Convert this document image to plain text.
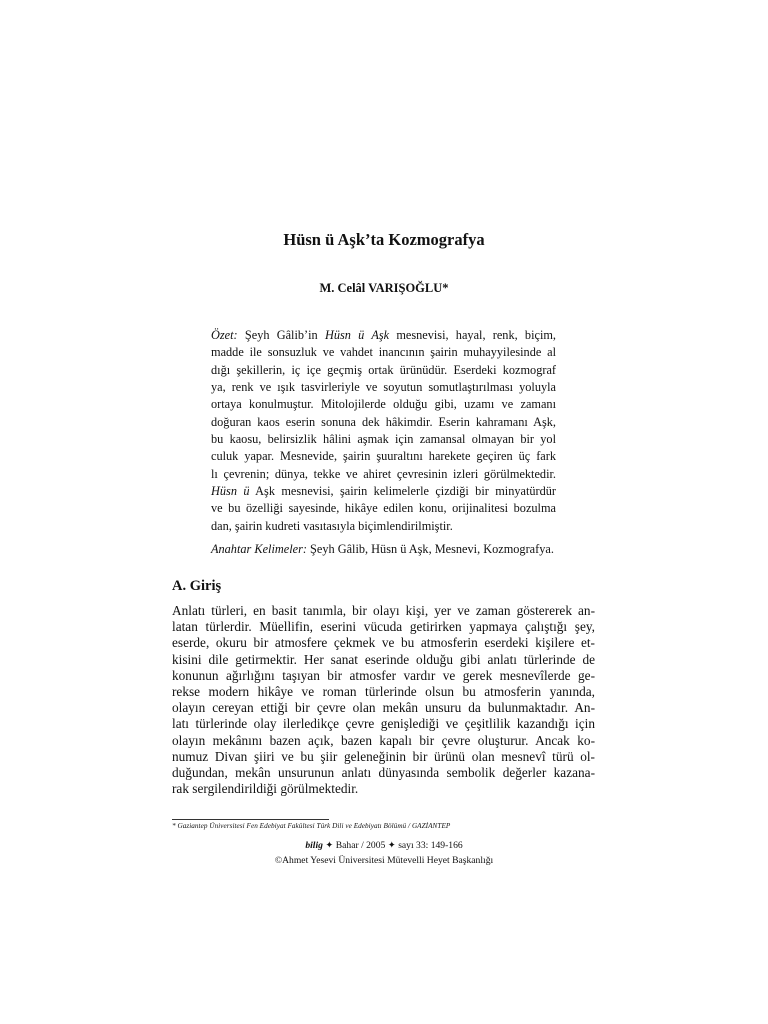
Hüsn ü Aşk’ta Kozmografya
M. Celâl VARIŞOĞLU*
Özet: Şeyh Gâlib’in Hüsn ü Aşk mesnevisi, hayal, renk, biçim,
madde ile sonsuzluk ve vahdet inancının şairin muhayyilesinde al
dığı şekillerin, iç içe geçmiş ortak ürünüdür. Eserdeki kozmograf
ya, renk ve ışık tasvirleriyle ve soyutun somutlaştırılması yoluyla
ortaya konulmuştur. Mitolojilerde olduğu gibi, uzamı ve zamanı
doğuran kaos eserin sonuna dek hâkimdir. Eserin kahramanı Aşk,
bu kaosu, belirsizlik hâlini aşmak için zamansal olmayan bir yol
culuk yapar. Mesnevide, şairin şuuraltını harekete geçiren üç fark
lı çevrenin; dünya, tekke ve ahiret çevresinin izleri görülmektedir.
Hüsn ü Aşk mesnevisi, şairin kelimelerle çizdiği bir minyatürdür
ve bu özelliği sayesinde, hikâye edilen konu, orijinalitesi bozulma
dan, şairin kudreti vasıtasıyla biçimlendirilmiştir.
Anahtar Kelimeler: Şeyh Gâlib, Hüsn ü Aşk, Mesnevi, Kozmografya.
A. Giriş
Anlatı türleri, en basit tanımla, bir olayı kişi, yer ve zaman göstererek an-
latan türlerdir. Müellifin, eserini vücuda getirirken yapmaya çalıştığı şey,
eserde, okuru bir atmosfere çekmek ve bu atmosferin eserdeki kişilere et-
kisini dile getirmektir. Her sanat eserinde olduğu gibi anlatı türlerinde de
konunun ağırlığını taşıyan bir atmosfer vardır ve gerek mesnevîlerde ge-
rekse modern hikâye ve roman türlerinde olsun bu atmosferin yanında,
olayın cereyan ettiği bir çevre olan mekân unsuru da bulunmaktadır. An-
latı türlerinde olay ilerledikçe çevre genişlediği ve çeşitlilik kazandığı için
olayın mekânını bazen açık, bazen kapalı bir çevre oluşturur. Ancak ko-
numuz Divan şiiri ve bu şiir geleneğinin bir ürünü olan mesnevî türü ol-
duğundan, mekân unsurunun anlatı dünyasında sembolik değerler kazana-
rak sergilendirildiği görülmektedir.
* Gaziantep Üniversitesi Fen Edebiyat Fakültesi Türk Dili ve Edebiyatı Bölümü / GAZİANTEP
bilig ✦ Bahar / 2005 ✦ sayı 33: 149-166
©Ahmet Yesevi Üniversitesi Mütevelli Heyet Başkanlığı
